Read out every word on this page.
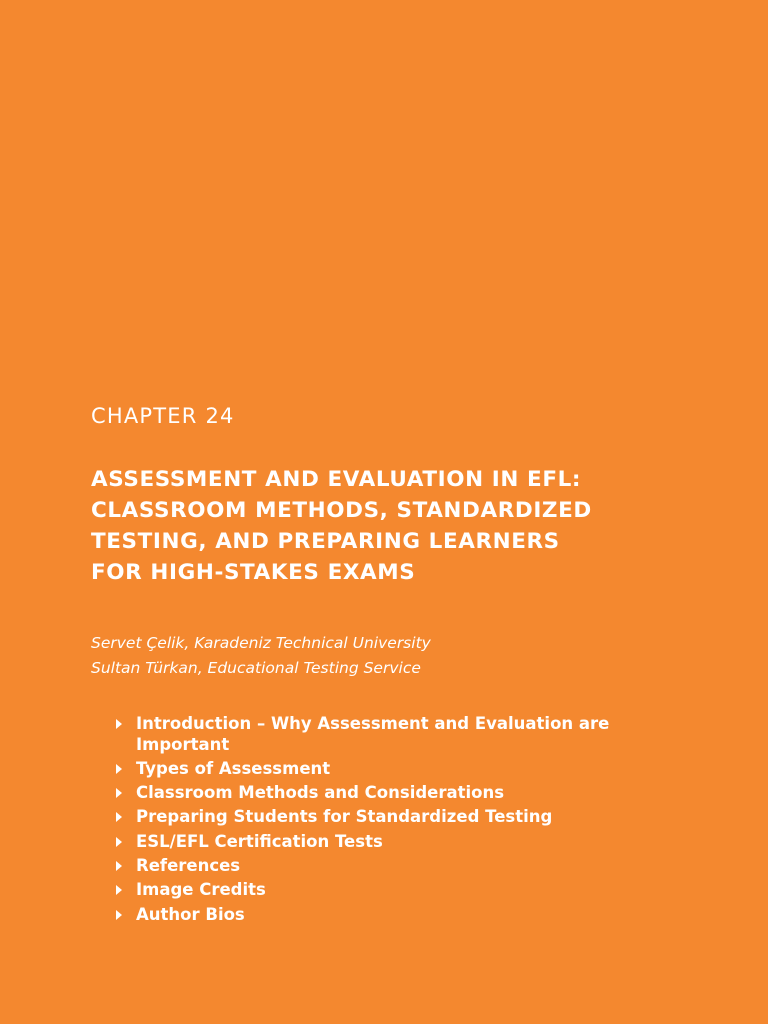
CHAPTER 24
ASSESSMENT AND EVALUATION IN EFL:
CLASSROOM METHODS, STANDARDIZED
TESTING, AND PREPARING LEARNERS
FOR HIGH-STAKES EXAMS
Servet Çelik, Karadeniz Technical University
Sultan Türkan, Educational Testing Service
Introduction – Why Assessment and Evaluation are Important
Types of Assessment
Classroom Methods and Considerations
Preparing Students for Standardized Testing
ESL/EFL Certification Tests
References
Image Credits
Author Bios
